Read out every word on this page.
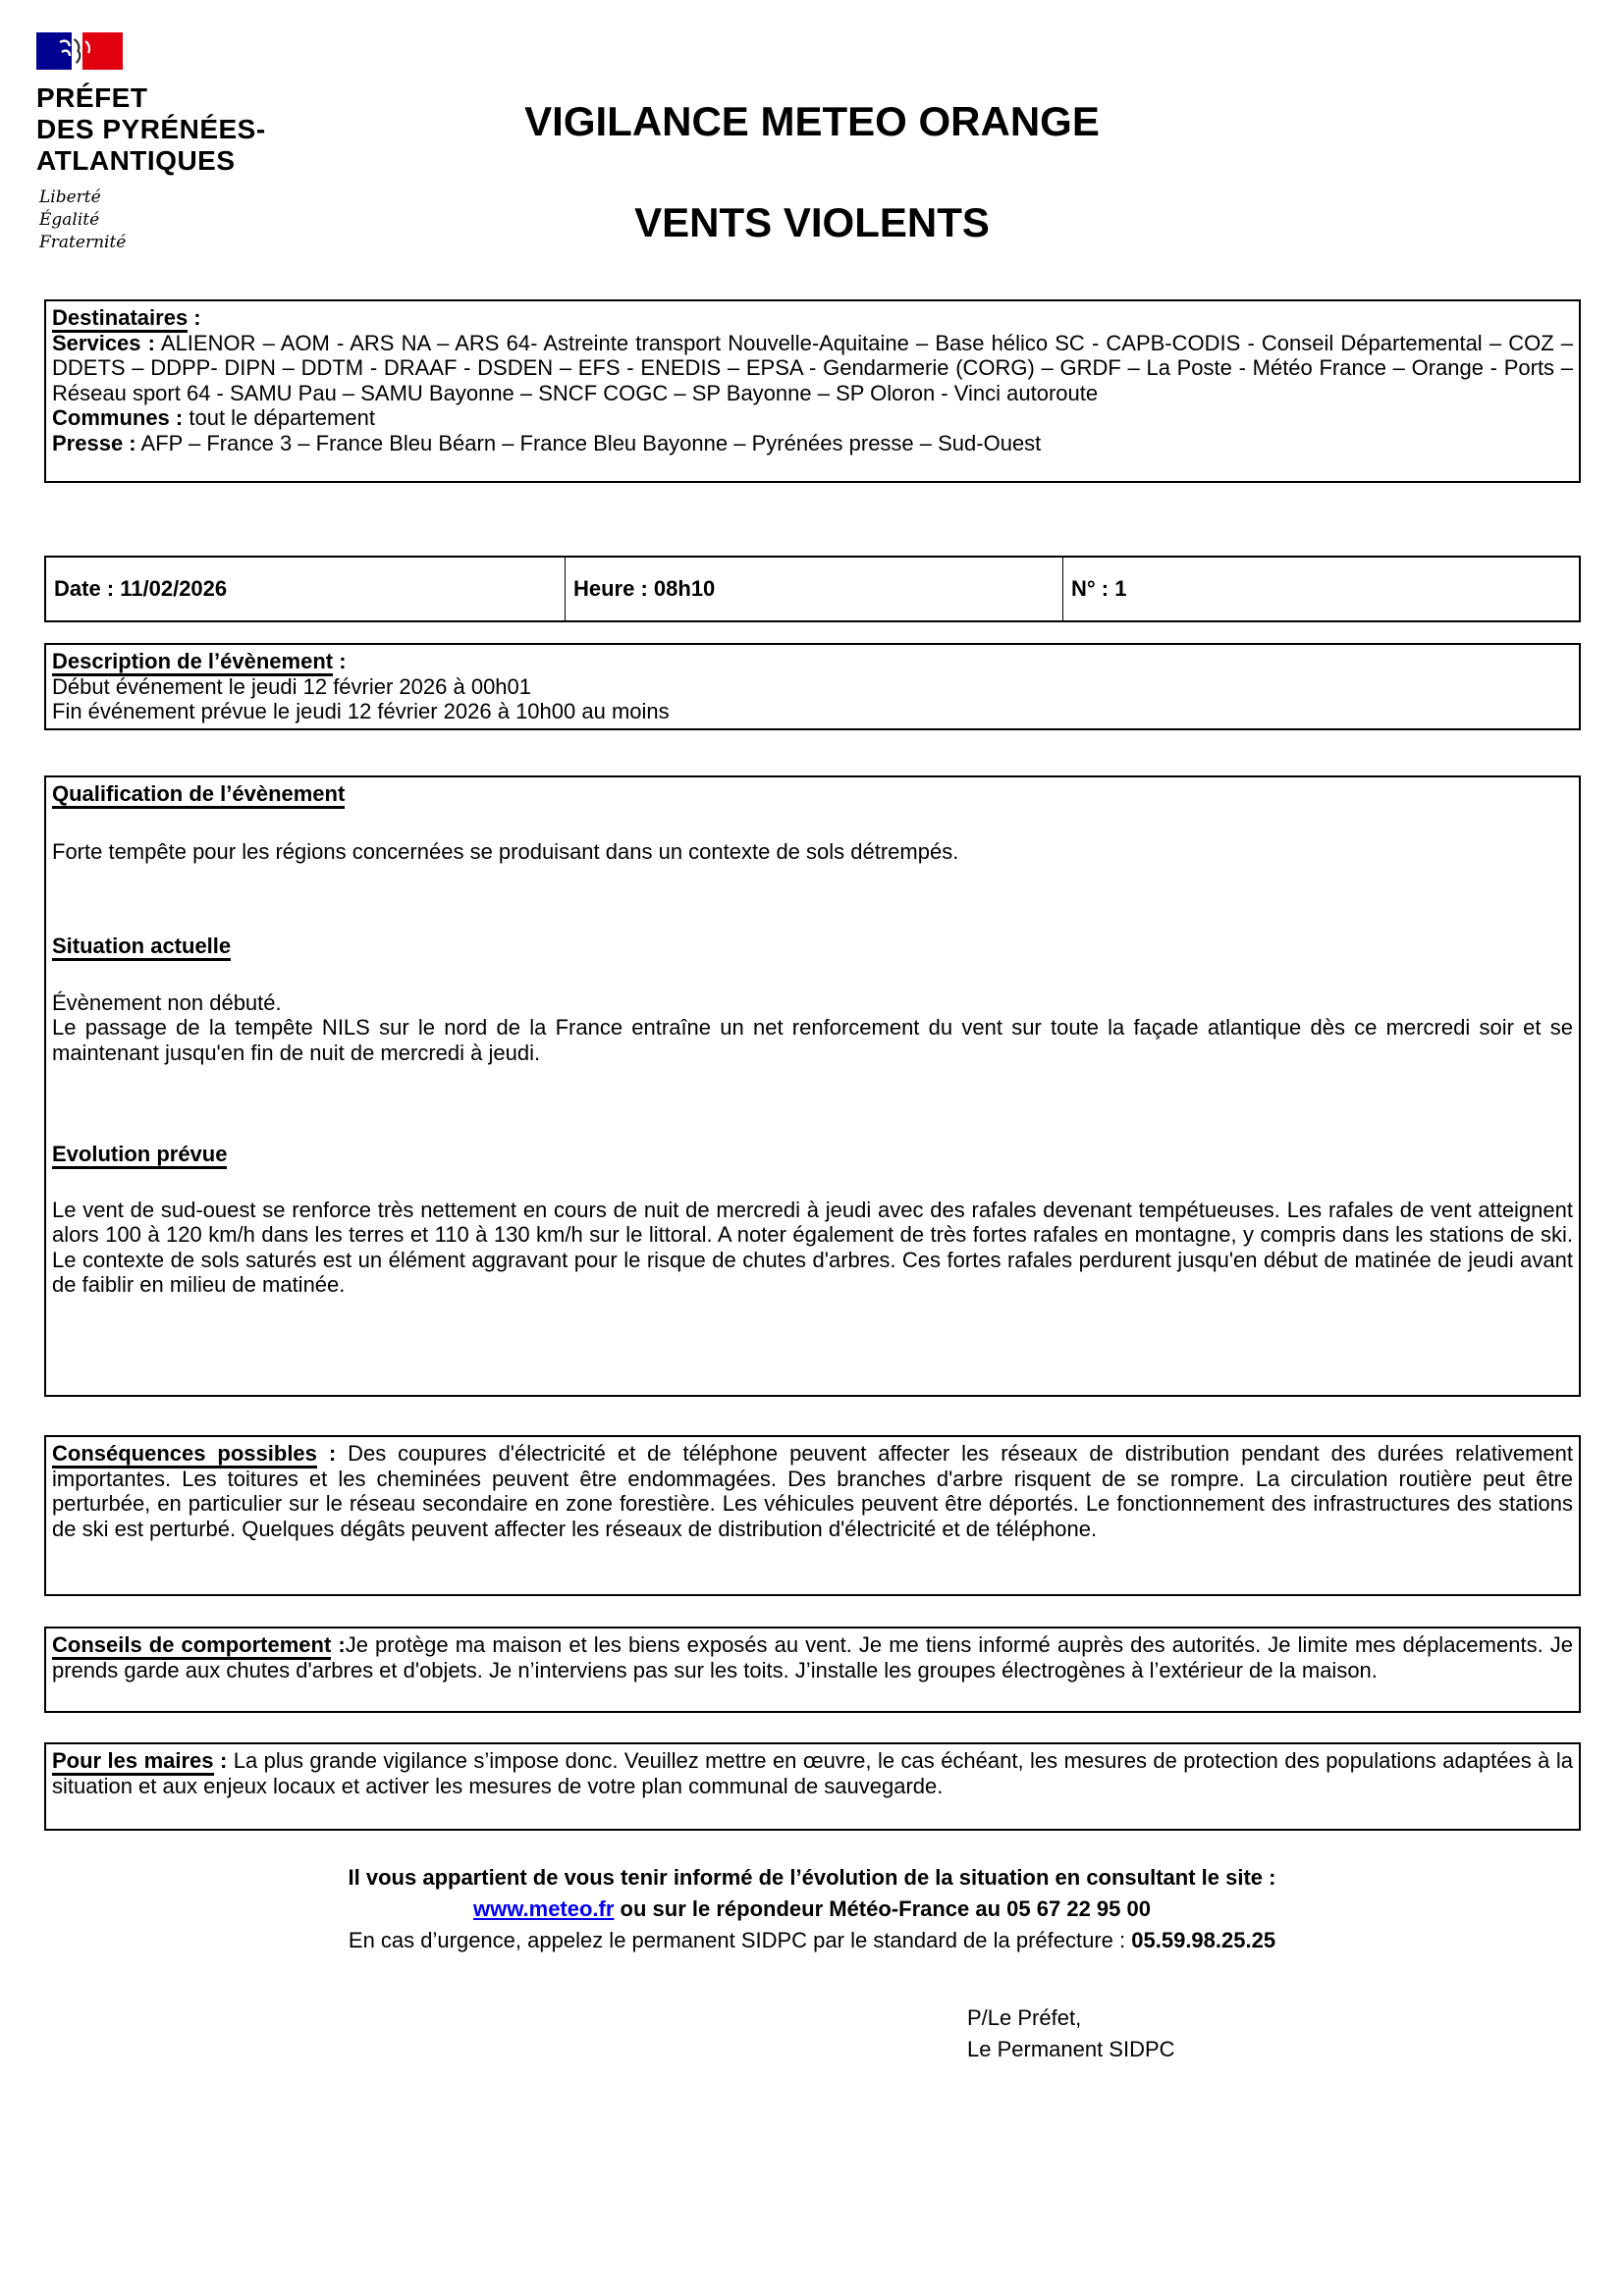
PRÉFET
DES PYRÉNÉES-
ATLANTIQUES
Liberté
Égalité
Fraternité
VIGILANCE METEO ORANGE
VENTS VIOLENTS

Destinataires :

Services : ALIENOR – AOM - ARS NA – ARS 64- Astreinte transport Nouvelle-Aquitaine – Base hélico SC - CAPB-CODIS - Conseil Départemental – COZ – DDETS – DDPP- DIPN – DDTM - DRAAF - DSDEN – EFS - ENEDIS – EPSA - Gendarmerie (CORG) – GRDF – La Poste - Météo France – Orange - Ports – Réseau sport 64 - SAMU Pau – SAMU Bayonne – SNCF COGC – SP Bayonne – SP Oloron - Vinci autoroute

Communes : tout le département

Presse : AFP – France 3 – France Bleu Béarn – France Bleu Bayonne – Pyrénées presse – Sud-Ouest

Date : 11/02/2026	Heure : 08h10	N° : 1

Description de l’évènement :

Début événement le jeudi 12 février 2026 à 00h01

Fin événement prévue le jeudi 12 février 2026 à 10h00 au moins

Qualification de l’évènement

Forte tempête pour les régions concernées se produisant dans un contexte de sols détrempés.

Situation actuelle

Évènement non débuté.

Le passage de la tempête NILS sur le nord de la France entraîne un net renforcement du vent sur toute la façade atlantique dès ce mercredi soir et se maintenant jusqu'en fin de nuit de mercredi à jeudi.

Evolution prévue

Le vent de sud-ouest se renforce très nettement en cours de nuit de mercredi à jeudi avec des rafales devenant tempétueuses. Les rafales de vent atteignent alors 100 à 120 km/h dans les terres et 110 à 130 km/h sur le littoral. A noter également de très fortes rafales en montagne, y compris dans les stations de ski. Le contexte de sols saturés est un élément aggravant pour le risque de chutes d'arbres. Ces fortes rafales perdurent jusqu'en début de matinée de jeudi avant de faiblir en milieu de matinée.

Conséquences possibles : Des coupures d'électricité et de téléphone peuvent affecter les réseaux de distribution pendant des durées relativement importantes. Les toitures et les cheminées peuvent être endommagées. Des branches d'arbre risquent de se rompre. La circulation routière peut être perturbée, en particulier sur le réseau secondaire en zone forestière. Les véhicules peuvent être déportés. Le fonctionnement des infrastructures des stations de ski est perturbé. Quelques dégâts peuvent affecter les réseaux de distribution d'électricité et de téléphone.

Conseils de comportement :Je protège ma maison et les biens exposés au vent. Je me tiens informé auprès des autorités. Je limite mes déplacements. Je prends garde aux chutes d'arbres et d'objets. Je n’interviens pas sur les toits. J’installe les groupes électrogènes à l’extérieur de la maison.

Pour les maires : La plus grande vigilance s’impose donc. Veuillez mettre en œuvre, le cas échéant, les mesures de protection des populations adaptées à la situation et aux enjeux locaux et activer les mesures de votre plan communal de sauvegarde.

Il vous appartient de vous tenir informé de l’évolution de la situation en consultant le site :
www.meteo.fr ou sur le répondeur Météo-France au 05 67 22 95 00
En cas d’urgence, appelez le permanent SIDPC par le standard de la préfecture : 05.59.98.25.25
P/Le Préfet,
Le Permanent SIDPC
